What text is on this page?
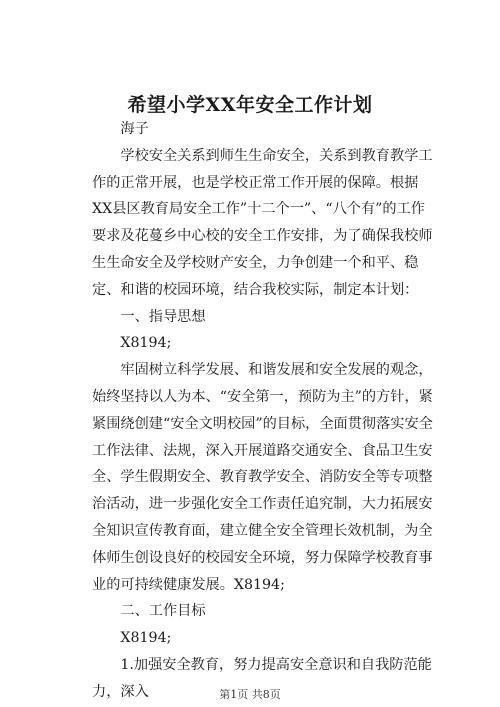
希望小学XX年安全工作计划

海子

学校安全关系到师生生命安全，关系到教育教学工作的正常开展，也是学校正常工作开展的保障。根据XX县区教育局安全工作”十二个一”、“八个有”的工作要求及花蔓乡中心校的安全工作安排，为了确保我校师生生命安全及学校财产安全，力争创建一个和平、稳定、和谐的校园环境，结合我校实际，制定本计划：

一、指导思想

X8194;

牢固树立科学发展、和谐发展和安全发展的观念，始终坚持以人为本、“安全第一，预防为主”的方针，紧紧围绕创建“安全文明校园”的目标，全面贯彻落实安全工作法律、法规，深入开展道路交通安全、食品卫生安全、学生假期安全、教育教学安全、消防安全等专项整治活动，进一步强化安全工作责任追究制，大力拓展安全知识宣传教育面，建立健全安全管理长效机制，为全体师生创设良好的校园安全环境，努力保障学校教育事业的可持续健康发展。X8194;

二、工作目标

X8194;

1.加强安全教育，努力提高安全意识和自我防范能力，深入	第1页 共8页
